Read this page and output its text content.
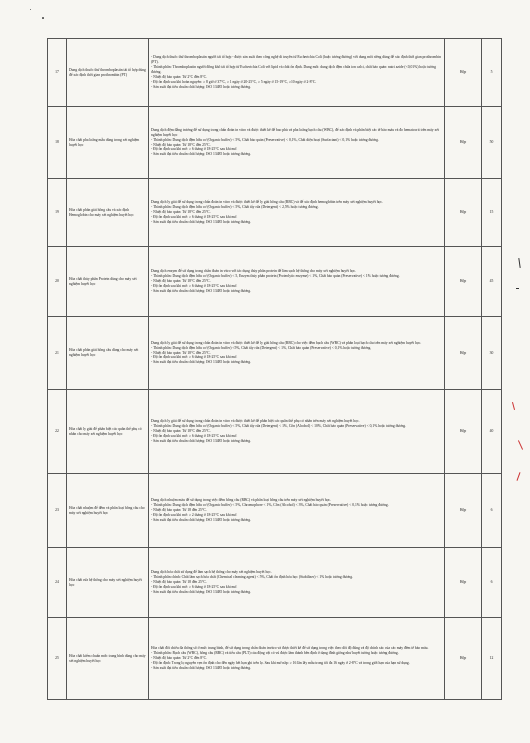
17	Dung dịch thuốc thử thromboplastin tái tổ hợp dùng để xác định thời gian prothrombin (PT)	- Dung dịch thuốc thử thromboplastin người tái tổ hợp - được sản xuất theo công nghệ di truyền từ Escherichia Coli (hoặc tương đương) với dung môi riêng dùng để xác định thời gian prothrombin (PT).
- Thành phần: Thromboplastin người đông khô tái tổ hợp từ Escherichia Coli với lipid và chất ổn định. Dung môi: dung dịch đệm chứa ion calci, chất bảo quản: natri azide (<0,01%) hoặc tương đương.
- Nhiệt độ bảo quản: Từ 2°C đến 8°C.
- Độ ổn định sau khi hoàn nguyên: ≥ 8 giờ ở 37°C, ≥ 1 ngày ở 20-25°C, ≥ 5 ngày ở 15-19°C, ≥10 ngày ở 2-8°C.
- Sản xuất đạt tiêu chuẩn chất lượng: ISO 13485 hoặc tương đương.	Hộp	5
18	Hóa chất pha loãng mẫu dùng trong xét nghiệm huyết học	Dung dịch đệm đẳng trương để sử dụng trong chẩn đoán in vitro và được thiết kế để bao phủ và pha loãng bạch cầu (WBC), để xác định và phân biệt các tế bào máu và đo hematocrit trên máy xét nghiệm huyết học
- Thành phần: Dung dịch đệm hữu cơ (Organic buffer) < 5%, Chất bảo quản (Preservative) < 0,1%, Chất diện hoạt (Surfactant) < 0,1% hoặc tương đương.
- Nhiệt độ bảo quản: Từ 18°C đến 25°C.
- Độ ổn định sau khi mở: ≥ 6 tháng ở 18-25°C sau khi mở.
- Sản xuất đạt tiêu chuẩn chất lượng: ISO 13485 hoặc tương đương.	Hộp	50
19	Hóa chất phân giải hồng cầu và xác định Hemoglobin cho máy xét nghiệm huyết học	Dung dịch ly giải để sử dụng trong chẩn đoán in vitro và được thiết kế để ly giải hồng cầu (RBC) và để xác định hemoglobin trên máy xét nghiệm huyết học.
- Thành phần: Dung dịch đệm hữu cơ (Organic buffer) < 5%, Chất tẩy rửa (Detergent) < 2,5% hoặc tương đương.
- Nhiệt độ bảo quản: Từ 18°C đến 25°C.
- Độ ổn định sau khi mở: ≥ 6 tháng ở 18-25°C sau khi mở.
- Sản xuất đạt tiêu chuẩn chất lượng: ISO 13485 hoặc tương đương.	Hộp	15
20	Hóa chất thủy phân Protein dùng cho máy xét nghiệm huyết học	Dung dịch enzym để sử dụng trong chẩn đoán in vitro với tác dụng thủy phân protein để làm sạch hệ thống cho máy xét nghiệm huyết học.
- Thành phần: Dung dịch đệm hữu cơ (Organic buffer) < 5, Enzym thủy phân protein (Proteolytic enzyme) < 1%, Chất bảo quản (Preservative) < 1% hoặc tương đương.
- Nhiệt độ bảo quản: Từ 18°C đến 25°C.
- Độ ổn định sau khi mở: ≥ 6 tháng ở 18-25°C sau khi mở.
- Sản xuất đạt tiêu chuẩn chất lượng: ISO 13485 hoặc tương đương.	Hộp	45
21	Hóa chất phân giải hồng cầu dùng cho máy xét nghiệm huyết học	Dung dịch ly giải để sử dụng trong chẩn đoán in vitro và được thiết kế để ly giải hồng cầu (RBC) cho việc đếm bạch cầu (WBC) và phân loại bạch cầu trên máy xét nghiệm huyết học.
- Thành phần: Dung dịch đệm hữu cơ (Organic buffer) <5%, Chất tẩy rửa (Detergent) < 1%, Chất bảo quản (Preservative) < 0,1% hoặc tương đương.
- Nhiệt độ bảo quản: Từ 18°C đến 25°C.
- Độ ổn định sau khi mở: ≥ 6 tháng ở 18-25°C sau khi mở.
- Sản xuất đạt tiêu chuẩn chất lượng: ISO 13485 hoặc tương đương.	Hộp	30
22	Hóa chất ly giải để phân biệt các quần thể phụ có nhân cho máy xét nghiệm huyết học	Dung dịch ly giải để sử dụng trong chẩn đoán in vitro và được thiết kế để phân biệt các quần thể phụ có nhân trên máy xét nghiệm huyết học.
- Thành phần: Dung dịch đệm hữu cơ (Organic buffer) < 5%, Chất tẩy rửa (Detergent) < 1%, Cồn (Alcohol) < 10%, Chất bảo quản (Preservative) < 0,1% hoặc tương đương.
- Nhiệt độ bảo quản: Từ 18°C đến 25°C.
- Độ ổn định sau khi mở: ≥ 6 tháng ở 18-25°C sau khi mở.
- Sản xuất đạt tiêu chuẩn chất lượng: ISO 13485 hoặc tương đương.	Hộp	40
23	Hóa chất nhuộm để đếm và phân loại hồng cầu cho máy xét nghiệm huyết học	Dung dịch nhuộm màu để sử dụng trong việc đếm hồng cầu (RBC) và phân loại hồng cầu trên máy xét nghiệm huyết học.
- Thành phần: Dung dịch đệm hữu cơ (Organic buffer) < 5%, Chromophore < 1%, Cồn (Alcohol) < 3%, Chất bảo quản (Preservative) < 0,1% hoặc tương đương.
- Nhiệt độ bảo quản: Từ 18 đến 25°C.
- Độ ổn định sau khi mở: ≥ 2 tháng ở 18-25°C sau khi mở.
- Sản xuất đạt tiêu chuẩn chất lượng: ISO 13485 hoặc tương đương.	Hộp	6
24	Hóa chất rửa hệ thống cho máy xét nghiệm huyết học	Dung dịch hóa chất sử dụng để làm sạch hệ thống cho máy xét nghiệm huyết học.
- Thành phần chính: Chất làm sạch hóa chất (Chemical cleaning agent) < 5%, Chất ổn định hóa học (Stabilizer) < 1% hoặc tương đương.
- Nhiệt độ bảo quản: Từ 18 đến 25°C.
- Độ ổn định sau khi mở: ≥ 6 tháng ở 18-25°C sau khi mở.
- Sản xuất đạt tiêu chuẩn chất lượng: ISO 13485 hoặc tương đương.	Hộp	6
25	Hóa chất kiểm chuẩn mức trung bình dùng cho máy xét nghiệm huyết học	Hóa chất đối chiếu đa thông số ở mức trung bình, để sử dụng trong chẩn đoán invitro và được thiết kế để sử dụng trong việc theo dõi độ đúng và độ chính xác của các máy đếm tế bào máu.
- Thành phần: Bạch cầu (WBC), hồng cầu (RBC) và tiểu cầu (PLT) của động vật có vú được làm thành bền định ở dạng đình giống như huyết tương hoặc tương đương.
- Nhiệt độ bảo quản: Từ 2°C đến 8°C.
- Độ ổn định: Trong lọ nguyên vẹn ổn định cho đến ngày hết hạn ghi trên lọ. Sau khi mở nắp: ≥ 16 lần lấy mẫu trong tối đa 16 ngày ở 2-8°C và trong giới hạn của hạn sử dụng.
- Sản xuất đạt tiêu chuẩn chất lượng: ISO 13485 hoặc tương đương.	Hộp	12
